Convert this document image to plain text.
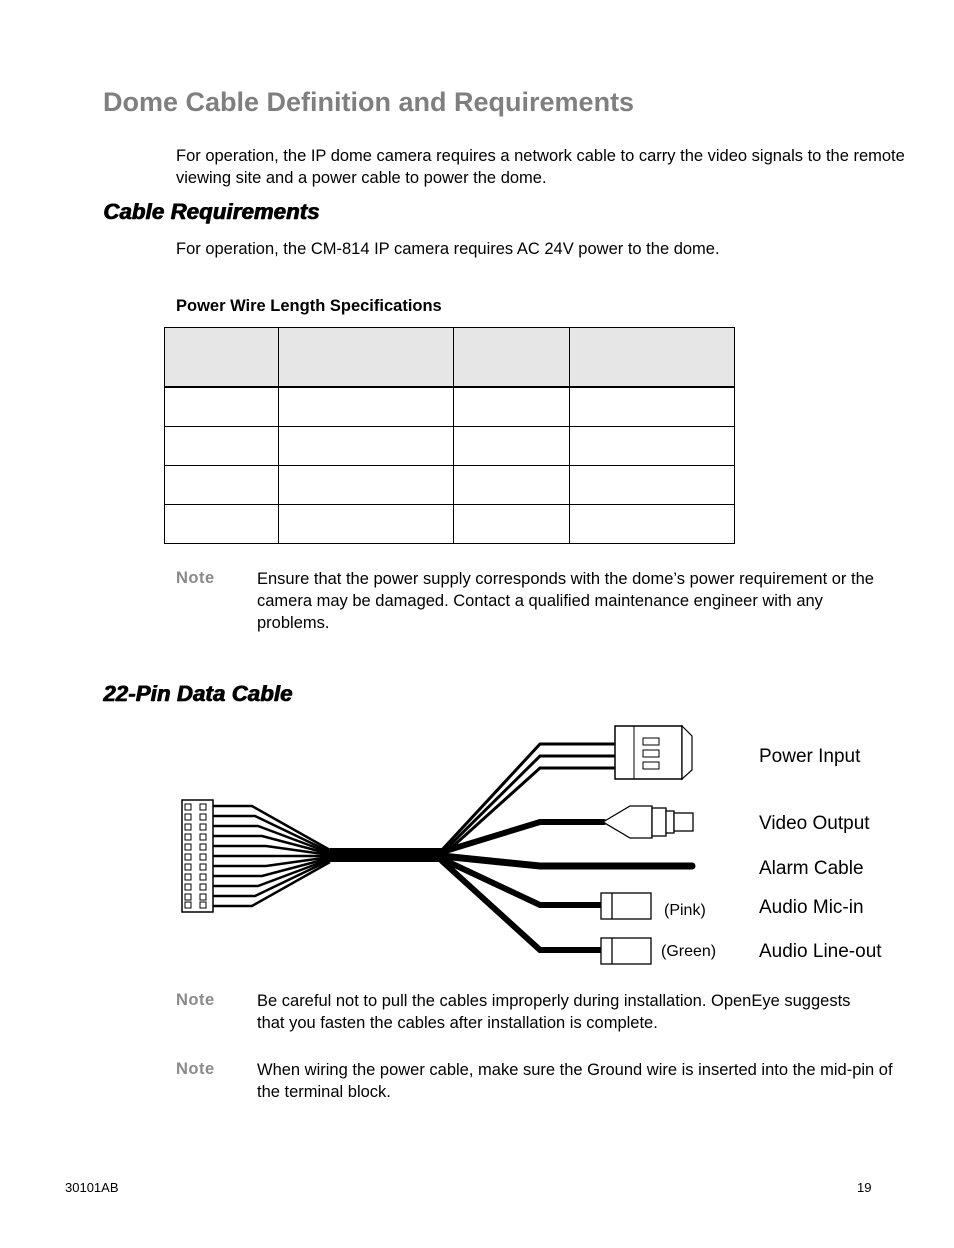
Dome Cable Definition and Requirements
For operation, the IP dome camera requires a network cable to carry the video signals to the remote viewing site and a power cable to power the dome.
Cable Requirements
For operation, the CM-814 IP camera requires AC 24V power to the dome.
Power Wire Length Specifications

Note	Ensure that the power supply corresponds with the dome’s power requirement or the camera may be damaged. Contact a qualified maintenance engineer with any problems.
22-Pin Data Cable
Power Input
Video Output
Alarm Cable
Audio Mic-in
Audio Line-out
(Pink)
(Green)
Note	Be careful not to pull the cables improperly during installation. OpenEye suggests that you fasten the cables after installation is complete.
Note	When wiring the power cable, make sure the Ground wire is inserted into the mid-pin of the terminal block.
30101AB	19
